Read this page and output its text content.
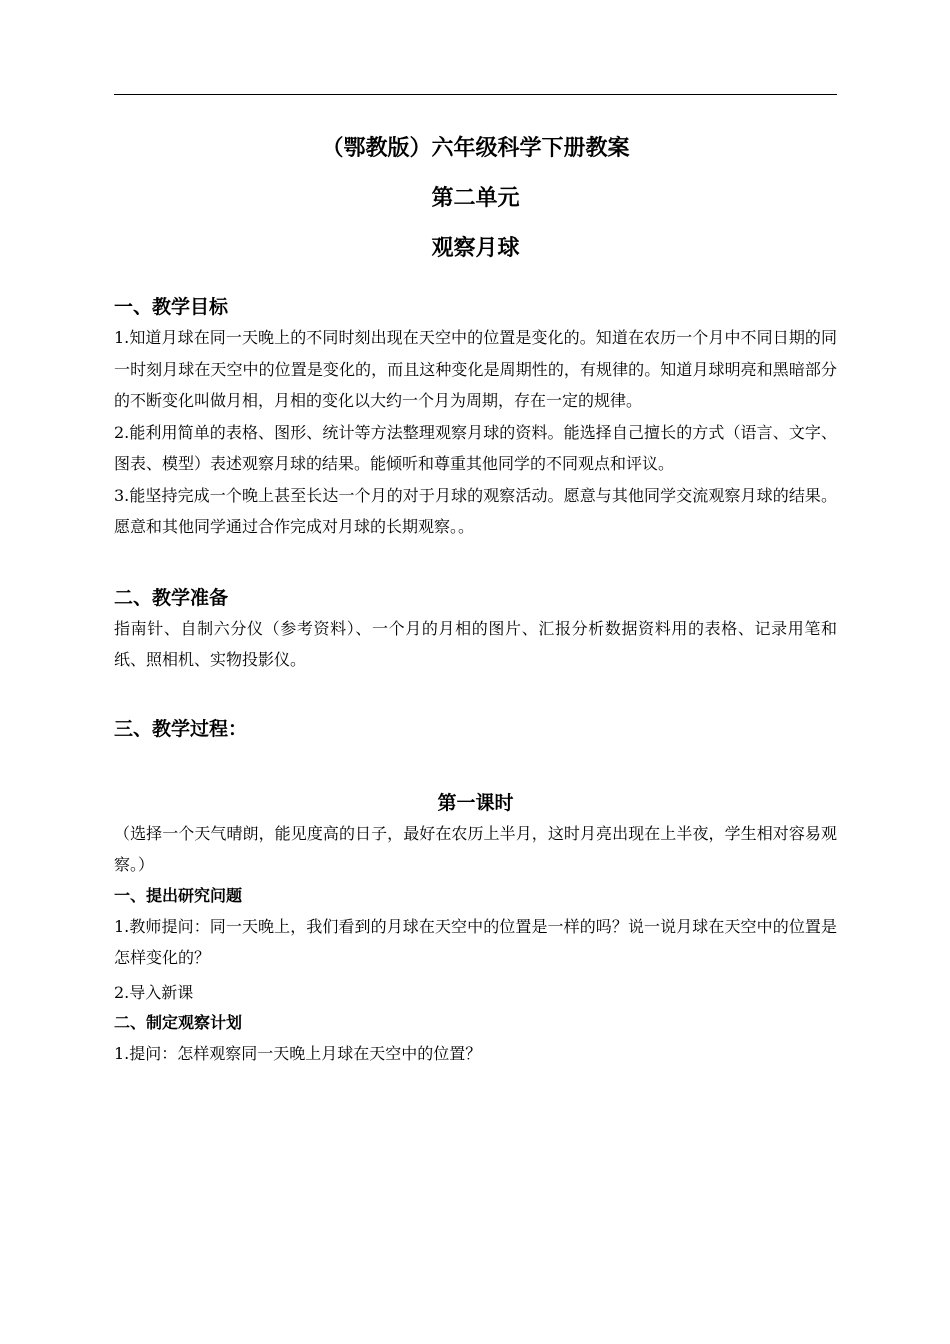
（鄂教版）六年级科学下册教案
第二单元
观察月球
一、教学目标

1.知道月球在同一天晚上的不同时刻出现在天空中的位置是变化的。知道在农历一个月中不同日期的同一时刻月球在天空中的位置是变化的，而且这种变化是周期性的，有规律的。知道月球明亮和黑暗部分的不断变化叫做月相，月相的变化以大约一个月为周期，存在一定的规律。

2.能利用简单的表格、图形、统计等方法整理观察月球的资料。能选择自己擅长的方式（语言、文字、图表、模型）表述观察月球的结果。能倾听和尊重其他同学的不同观点和评议。

3.能坚持完成一个晚上甚至长达一个月的对于月球的观察活动。愿意与其他同学交流观察月球的结果。愿意和其他同学通过合作完成对月球的长期观察。。

二、教学准备

指南针、自制六分仪（参考资料）、一个月的月相的图片、汇报分析数据资料用的表格、记录用笔和纸、照相机、实物投影仪。

三、教学过程：
第一课时

（选择一个天气晴朗，能见度高的日子，最好在农历上半月，这时月亮出现在上半夜，学生相对容易观察。）

一、提出研究问题

1.教师提问：同一天晚上，我们看到的月球在天空中的位置是一样的吗？说一说月球在天空中的位置是怎样变化的？

2.导入新课

二、制定观察计划

1.提问：怎样观察同一天晚上月球在天空中的位置？
